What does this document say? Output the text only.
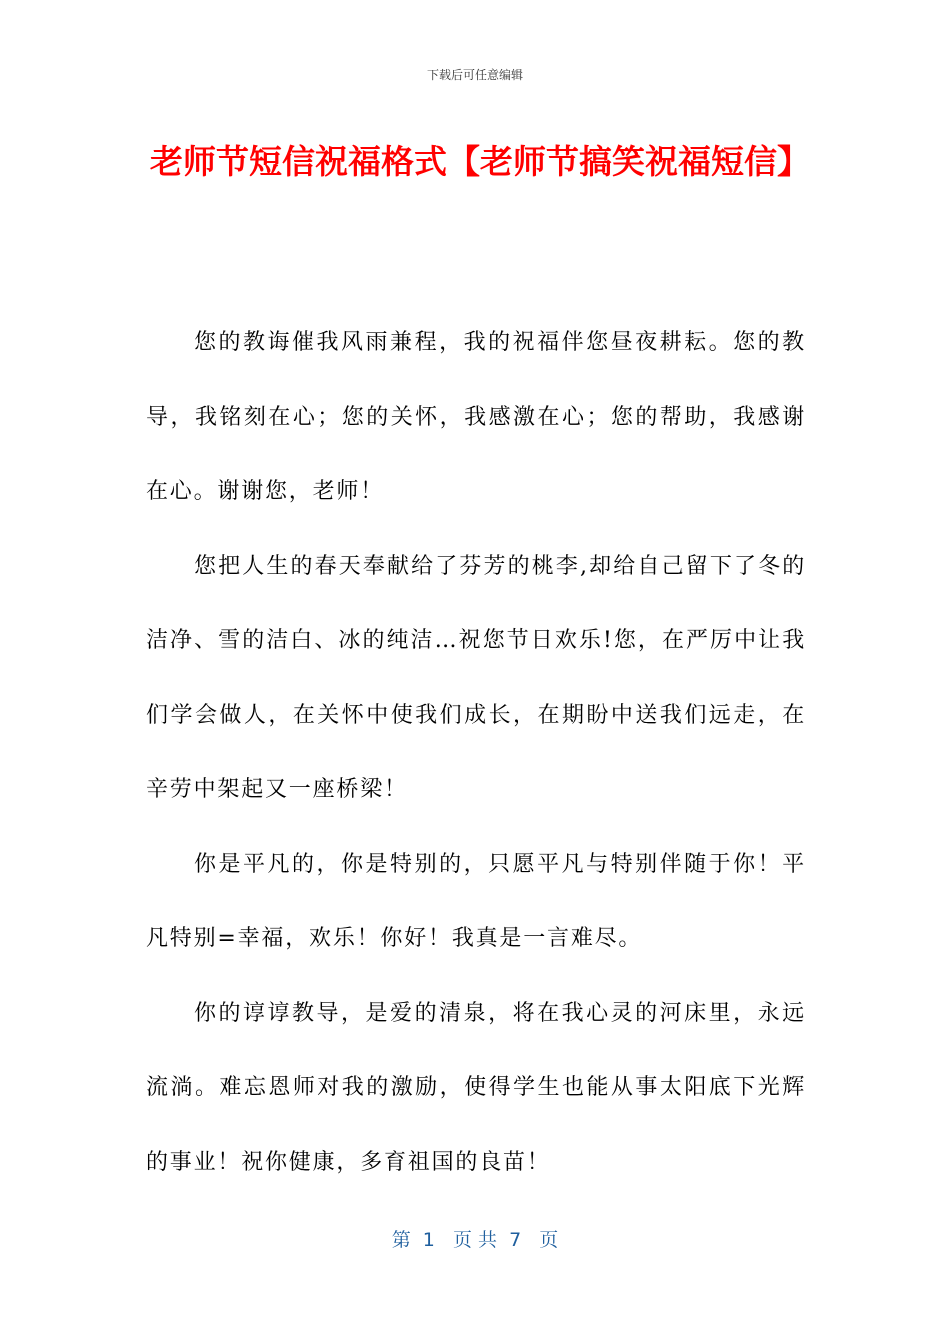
下载后可任意编辑
老师节短信祝福格式【老师节搞笑祝福短信】

您的教诲催我风雨兼程，我的祝福伴您昼夜耕耘。您的教导，我铭刻在心；您的关怀，我感激在心；您的帮助，我感谢在心。谢谢您，老师！

您把人生的春天奉献给了芬芳的桃李,却给自己留下了冬的洁净、雪的洁白、冰的纯洁…祝您节日欢乐!您，在严厉中让我们学会做人，在关怀中使我们成长，在期盼中送我们远走，在辛劳中架起又一座桥梁！

你是平凡的，你是特别的，只愿平凡与特别伴随于你！平凡特别=幸福，欢乐！你好！我真是一言难尽。

你的谆谆教导，是爱的清泉，将在我心灵的河床里，永远流淌。难忘恩师对我的激励，使得学生也能从事太阳底下光辉的事业！祝你健康，多育祖国的良苗！

第  1   页 共  7   页
